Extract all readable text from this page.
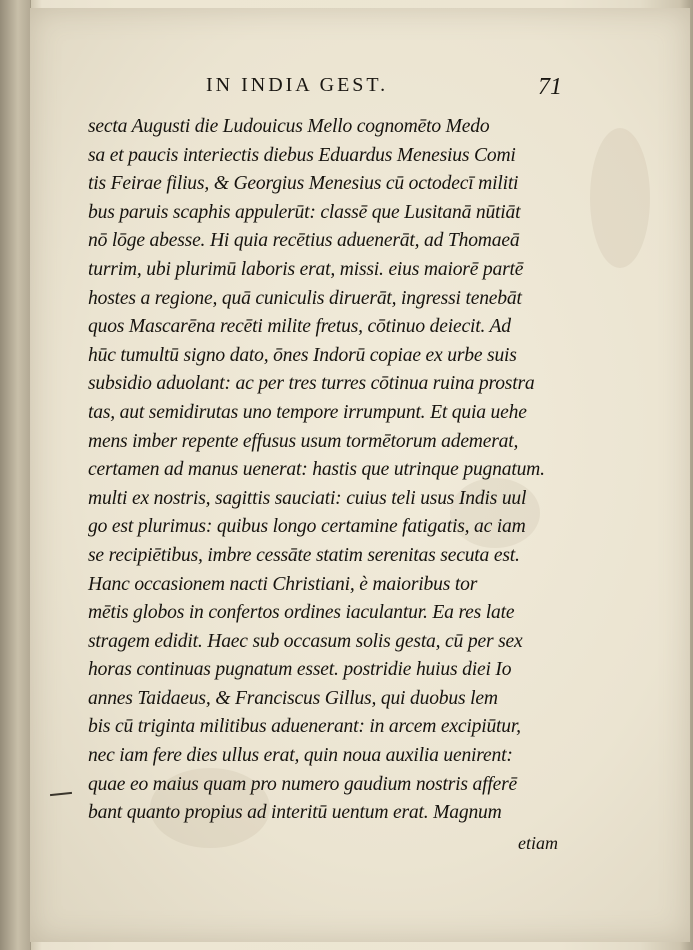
IN INDIA GEST.	71
secta Augusti die Ludouicus Mello cognomēto Medo
sa et paucis interiectis diebus Eduardus Menesius Comi
tis Feirae filius, & Georgius Menesius cū octodecī militi
bus paruis scaphis appulerūt: classē que Lusitanā nūtiāt
nō lōge abesse. Hi quia recētius aduenerāt, ad Thomaeā
turrim, ubi plurimū laboris erat, missi. eius maiorē partē
hostes a regione, quā cuniculis diruerāt, ingressi tenebāt
quos Mascarēna recēti milite fretus, cōtinuo deiecit. Ad
hūc tumultū signo dato, ōnes Indorū copiae ex urbe suis
subsidio aduolant: ac per tres turres cōtinua ruina prostra
tas, aut semidirutas uno tempore irrumpunt. Et quia uehe
mens imber repente effusus usum tormētorum ademerat,
certamen ad manus uenerat: hastis que utrinque pugnatum.
multi ex nostris, sagittis sauciati: cuius teli usus Indis uul
go est plurimus: quibus longo certamine fatigatis, ac iam
se recipiētibus, imbre cessāte statim serenitas secuta est.
Hanc occasionem nacti Christiani, è maioribus tor
mētis globos in confertos ordines iaculantur. Ea res late
stragem edidit. Haec sub occasum solis gesta, cū per sex
horas continuas pugnatum esset. postridie huius diei Io
annes Taidaeus, & Franciscus Gillus, qui duobus lem
bis cū triginta militibus aduenerant: in arcem excipiūtur,
nec iam fere dies ullus erat, quin noua auxilia uenirent:
quae eo maius quam pro numero gaudium nostris afferē
bant quanto propius ad interitū uentum erat. Magnum
etiam
